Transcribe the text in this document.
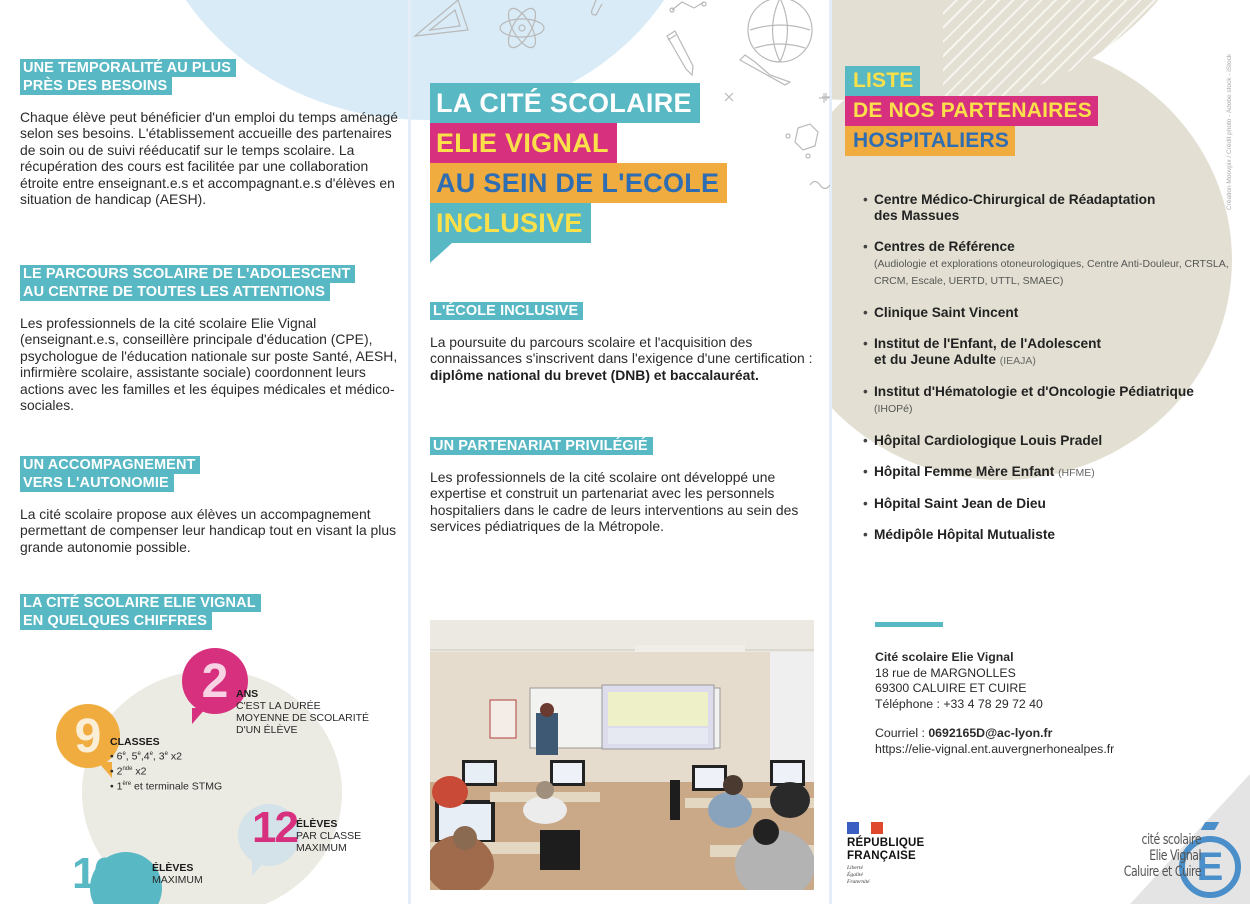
UNE TEMPORALITÉ AU PLUS
PRÈS DES BESOINS

Chaque élève peut bénéficier d'un emploi du temps aménagé selon ses besoins. L'établissement accueille des partenaires de soin ou de suivi rééducatif sur le temps scolaire. La récupération des cours est facilitée par une collaboration étroite entre enseignant.e.s et accompagnant.e.s d'élèves en situation de handicap (AESH).

LE PARCOURS SCOLAIRE DE L'ADOLESCENT
AU CENTRE DE TOUTES LES ATTENTIONS

Les professionnels de la cité scolaire Elie Vignal (enseignant.e.s, conseillère principale d'éducation (CPE), psychologue de l'éducation nationale sur poste Santé, AESH, infirmière scolaire, assistante sociale) coordonnent leurs actions avec les familles et les équipes médicales et médico-sociales.

UN ACCOMPAGNEMENT
VERS L'AUTONOMIE

La cité scolaire propose aux élèves un accompagnement permettant de compenser leur handicap tout en visant la plus grande autonomie possible.

LA CITÉ SCOLAIRE ELIE VIGNAL
EN QUELQUES CHIFFRES
2 ANS
C'EST LA DURÉE
MOYENNE DE SCOLARITÉ
D'UN ÉLÈVE
9 CLASSES
• 6e, 5e,4e, 3e x2
• 2nde x2
• 1ère et terminale STMG
12 ÉLÈVES
PAR CLASSE
MAXIMUM
108 ÉLÈVES
MAXIMUM
LA CITÉ SCOLAIRE
ELIE VIGNAL
AU SEIN DE L'ECOLE
INCLUSIVE
L'ÉCOLE INCLUSIVE

La poursuite du parcours scolaire et l'acquisition des connaissances s'inscrivent dans l'exigence d'une certification : diplôme national du brevet (DNB) et baccalauréat.

UN PARTENARIAT PRIVILÉGIÉ

Les professionnels de la cité scolaire ont développé une expertise et construit un partenariat avec les personnels hospitaliers dans le cadre de leurs interventions au sein des services pédiatriques de la Métropole.

LISTE
DE NOS PARTENAIRES
HOSPITALIERS
• Centre Médico-Chirurgical de Réadaptation des Massues
• Centres de Référence
(Audiologie et explorations otoneurologiques, Centre Anti-Douleur, CRTSLA, CRCM, Escale, UERTD, UTTL, SMAEC)
• Clinique Saint Vincent
• Institut de l'Enfant, de l'Adolescent et du Jeune Adulte (IEAJA)
• Institut d'Hématologie et d'Oncologie Pédiatrique
(IHOPé)
• Hôpital Cardiologique Louis Pradel
• Hôpital Femme Mère Enfant (HFME)
• Hôpital Saint Jean de Dieu
• Médipôle Hôpital Mutualiste
Cité scolaire Elie Vignal
18 rue de MARGNOLLES
69300 CALUIRE ET CUIRE
Téléphone : +33 4 78 29 72 40
Courriel : 0692165D@ac-lyon.fr
https://elie-vignal.ent.auvergnerhonealpes.fr
RÉPUBLIQUE
FRANÇAISE
Liberté
Égalité
Fraternité	E
cité scolaire
Elie Vignal
Caluire et Cuire
Création Moovpix / Crédit photo - Adobe stock - iStock
